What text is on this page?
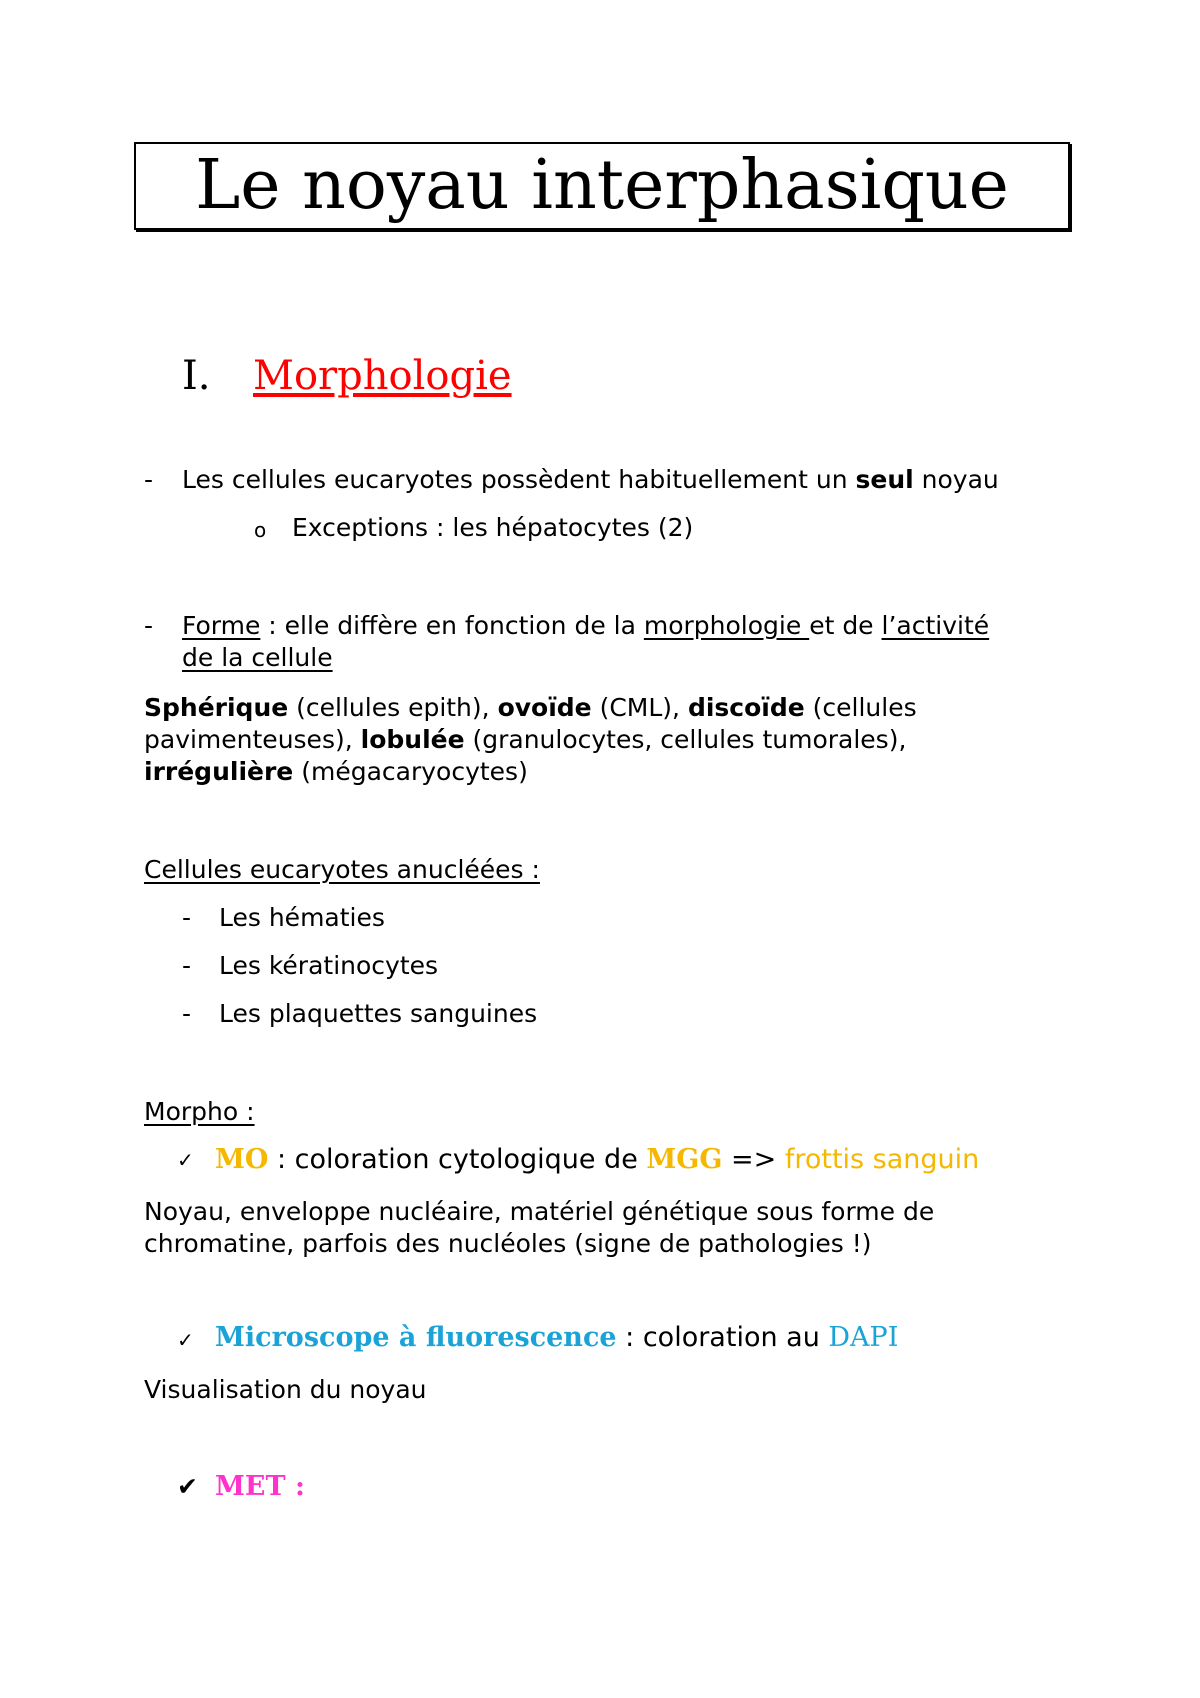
Le noyau interphasique
I. Morphologie
- Les cellules eucaryotes possèdent habituellement un seul noyau
o Exceptions : les hépatocytes (2)
- Forme : elle diffère en fonction de la morphologie et de l’activité
de la cellule
Sphérique (cellules epith), ovoïde (CML), discoïde (cellules pavimenteuses), lobulée (granulocytes, cellules tumorales), irrégulière (mégacaryocytes)
Cellules eucaryotes anucléées :
- Les hématies
- Les kératinocytes
- Les plaquettes sanguines
Morpho :
✓ MO : coloration cytologique de MGG => frottis sanguin
Noyau, enveloppe nucléaire, matériel génétique sous forme de chromatine, parfois des nucléoles (signe de pathologies !)
✓ Microscope à fluorescence : coloration au DAPI
Visualisation du noyau
✔ MET :
